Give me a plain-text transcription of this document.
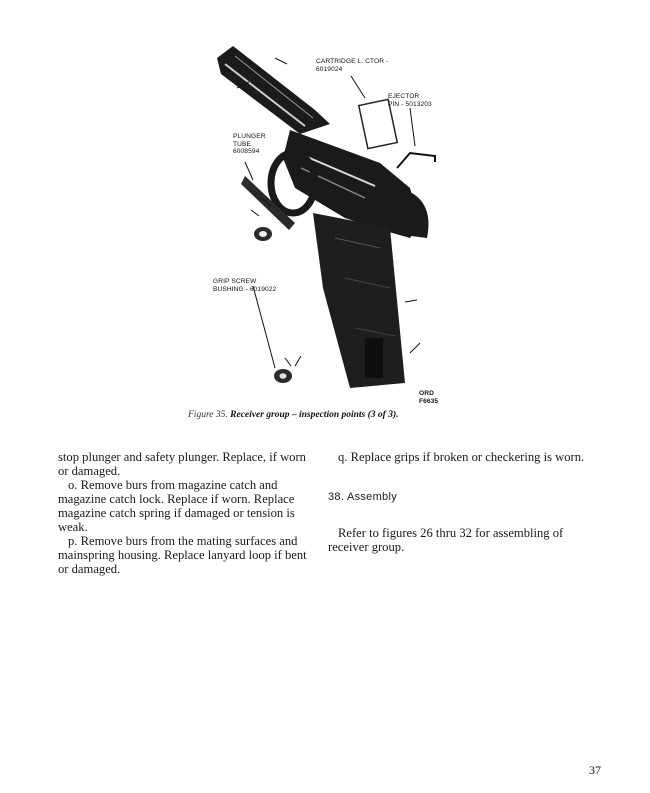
CARTRIDGE L. CTOR -
6019024
EJECTOR
PIN - 5013203
PLUNGER
TUBE
6008594
GRIP SCREW
BUSHING - 6019022
ORD F6635
Figure 35. Receiver group – inspection points (3 of 3).

stop plunger and safety plunger. Replace, if worn or damaged.

o. Remove burs from magazine catch and magazine catch lock. Replace if worn. Replace magazine catch spring if damaged or tension is weak.

p. Remove burs from the mating surfaces and mainspring housing. Replace lanyard loop if bent or damaged.

q. Replace grips if broken or checkering is worn.

38. Assembly

Refer to figures 26 thru 32 for assembling of receiver group.

37
